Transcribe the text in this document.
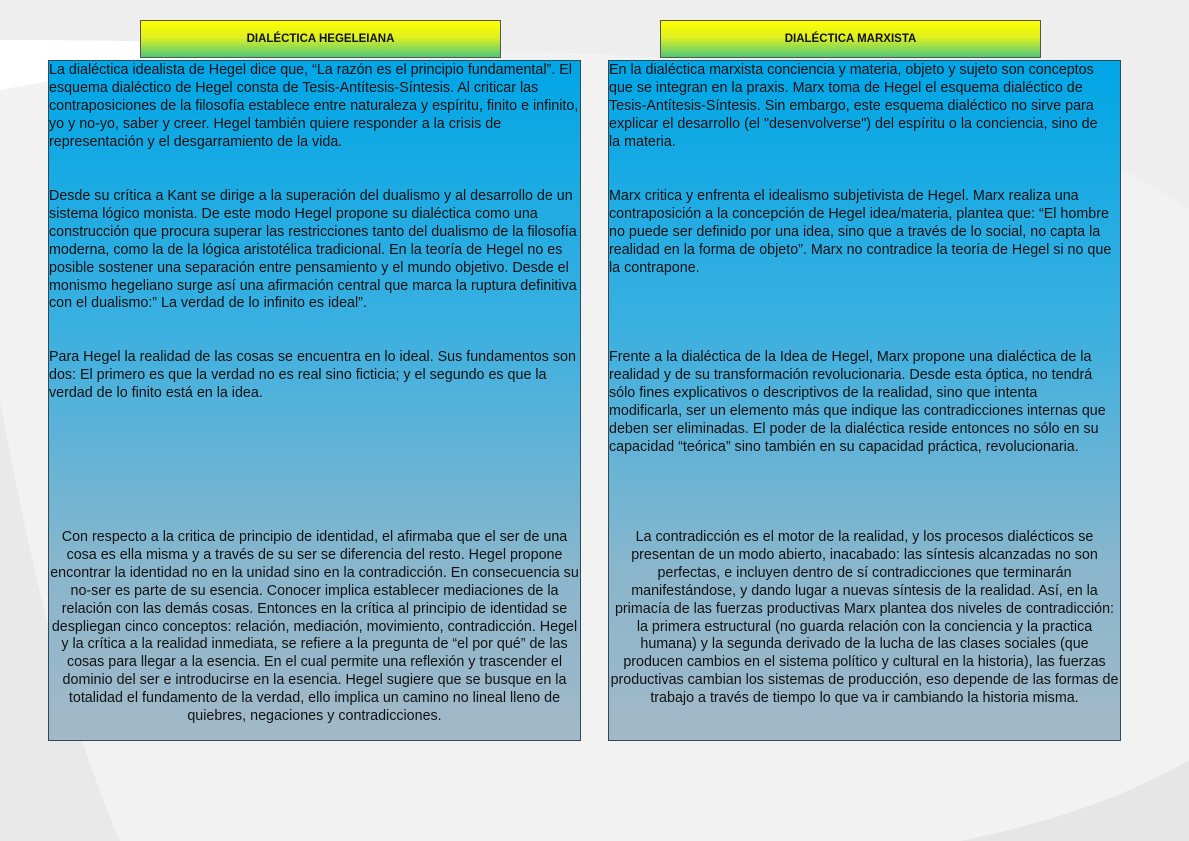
DIALÉCTICA HEGELEIANA	DIALÉCTICA MARXISTA

La dialéctica idealista de Hegel dice que, “La razón es el principio fundamental”. El esquema dialéctico de Hegel consta de Tesis-Antítesis-Síntesis. Al criticar las contraposiciones de la filosofía establece entre naturaleza y espíritu, finito e infinito, yo y no-yo, saber y creer. Hegel también quiere responder a la crisis de representación y el desgarramiento de la vida.

Desde su crítica a Kant se dirige a la superación del dualismo y al desarrollo de un sistema lógico monista. De este modo Hegel propone su dialéctica como una construcción que procura superar las restricciones tanto del dualismo de la filosofía moderna, como la de la lógica aristotélica tradicional. En la teoría de Hegel no es posible sostener una separación entre pensamiento y el mundo objetivo. Desde el monismo hegeliano surge así una afirmación central que marca la ruptura definitiva con el dualismo:” La verdad de lo infinito es ideal”.

Para Hegel la realidad de las cosas se encuentra en lo ideal. Sus fundamentos son dos: El primero es que la verdad no es real sino ficticia; y el segundo es que la verdad de lo finito está en la idea.

Con respecto a la critica de principio de identidad, el afirmaba que el ser de una cosa es ella misma y a través de su ser se diferencia del resto. Hegel propone encontrar la identidad no en la unidad sino en la contradicción. En consecuencia su no-ser es parte de su esencia. Conocer implica establecer mediaciones de la relación con las demás cosas. Entonces en la crítica al principio de identidad se despliegan cinco conceptos: relación, mediación, movimiento, contradicción. Hegel y la crítica a la realidad inmediata, se refiere a la pregunta de “el por qué” de las cosas para llegar a la esencia. En el cual permite una reflexión y trascender el dominio del ser e introducirse en la esencia. Hegel sugiere que se busque en la totalidad el fundamento de la verdad, ello implica un camino no lineal lleno de quiebres, negaciones y contradicciones.

En la dialéctica marxista conciencia y materia, objeto y sujeto son conceptos que se integran en la praxis. Marx toma de Hegel el esquema dialéctico de Tesis-Antítesis-Síntesis. Sin embargo, este esquema dialéctico no sirve para explicar el desarrollo (el "desenvolverse") del espíritu o la conciencia, sino de la materia.

Marx critica y enfrenta el idealismo subjetivista de Hegel. Marx realiza una contraposición a la concepción de Hegel idea/materia, plantea que: “El hombre no puede ser definido por una idea, sino que a través de lo social, no capta la realidad en la forma de objeto”. Marx no contradice la teoría de Hegel si no que la contrapone.

Frente a la dialéctica de la Idea de Hegel, Marx propone una dialéctica de la realidad y de su transformación revolucionaria. Desde esta óptica, no tendrá sólo fines explicativos o descriptivos de la realidad, sino que intenta modificarla, ser un elemento más que indique las contradicciones internas que deben ser eliminadas. El poder de la dialéctica reside entonces no sólo en su capacidad “teórica” sino también en su capacidad práctica, revolucionaria.

La contradicción es el motor de la realidad, y los procesos dialécticos se presentan de un modo abierto, inacabado: las síntesis alcanzadas no son perfectas, e incluyen dentro de sí contradicciones que terminarán manifestándose, y dando lugar a nuevas síntesis de la realidad. Así, en la primacía de las fuerzas productivas Marx plantea dos niveles de contradicción: la primera estructural (no guarda relación con la conciencia y la practica humana) y la segunda derivado de la lucha de las clases sociales (que producen cambios en el sistema político y cultural en la historia), las fuerzas productivas cambian los sistemas de producción, eso depende de las formas de trabajo a través de tiempo lo que va ir cambiando la historia misma.
